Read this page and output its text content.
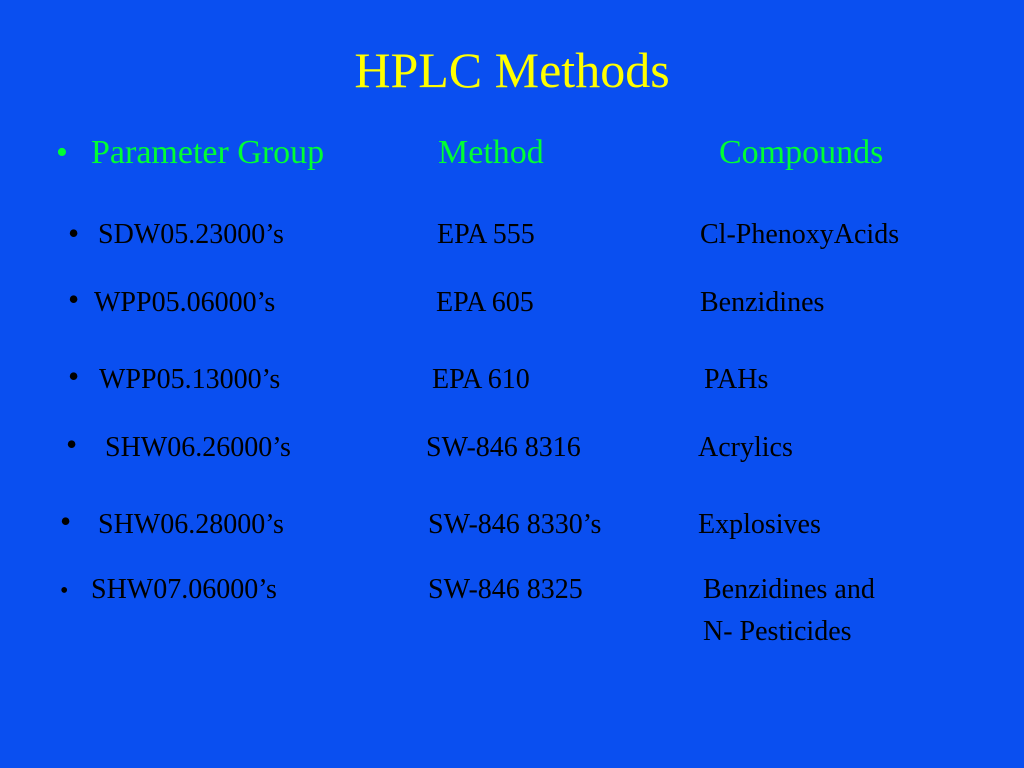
HPLC Methods
• Parameter Group	Method	Compounds
• SDW05.23000’s	EPA 555	Cl-PhenoxyAcids
• WPP05.06000’s	EPA 605	Benzidines
• WPP05.13000’s	EPA 610	PAHs
• SHW06.26000’s	SW-846 8316	Acrylics
• SHW06.28000’s	SW-846 8330’s	Explosives
• SHW07.06000’s	SW-846 8325	Benzidines and
N- Pesticides
